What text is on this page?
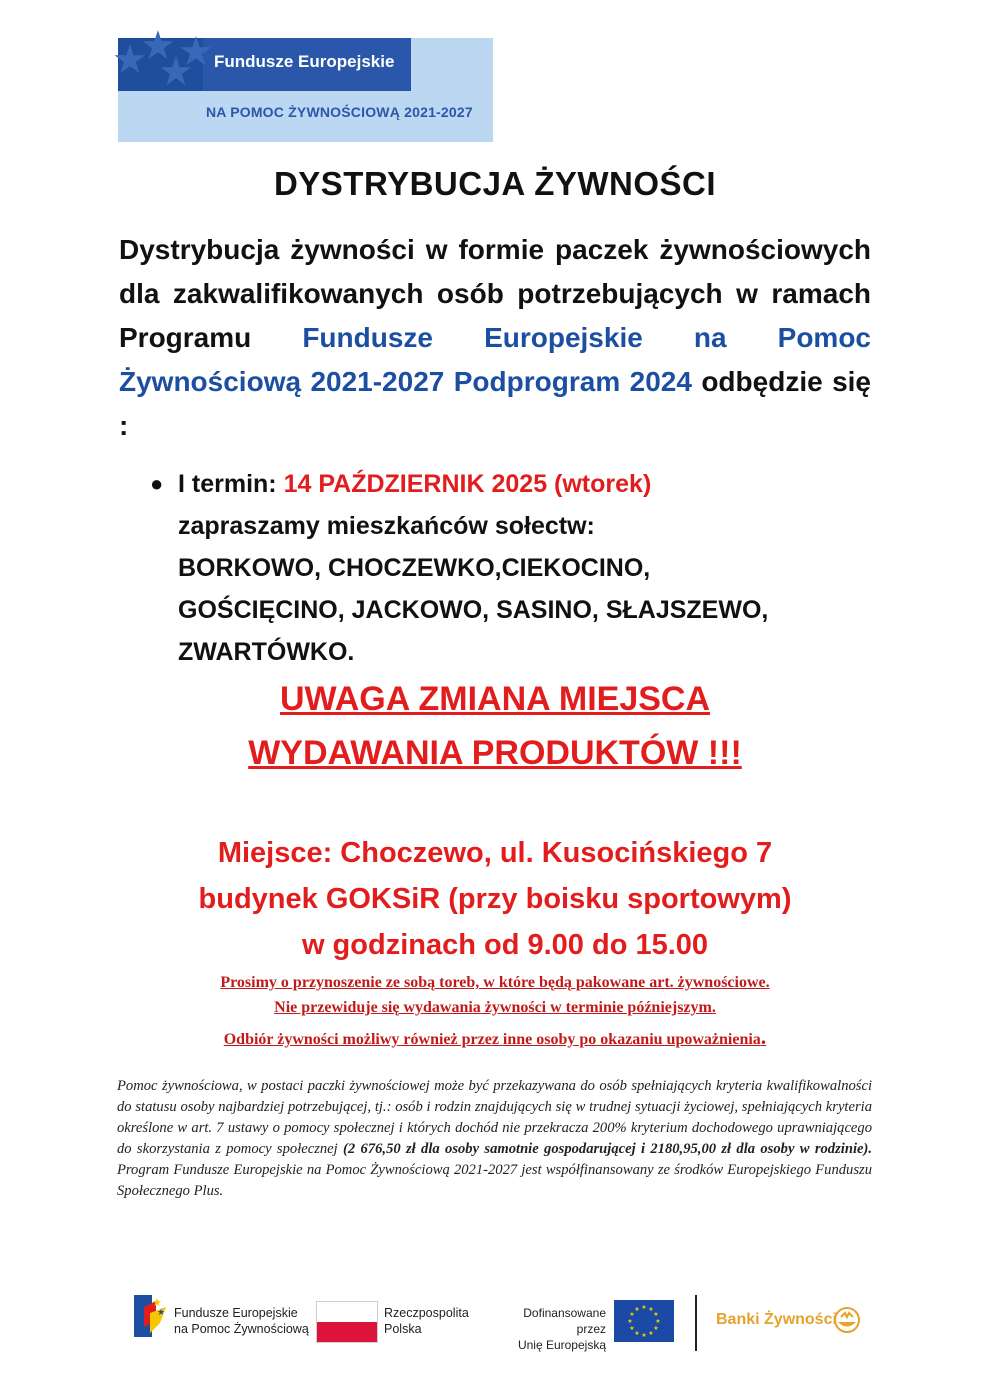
★
★
★
★ Fundusze Europejskie
NA POMOC ŻYWNOŚCIOWĄ 2021-2027
DYSTRYBUCJA ŻYWNOŚCI
Dystrybucja żywności w formie paczek żywnościowych dla zakwalifikowanych osób potrzebujących w ramach Programu Fundusze Europejskie na Pomoc Żywnościową 2021-2027 Podprogram 2024 odbędzie się :
● I termin: 14 PAŹDZIERNIK 2025 (wtorek)
zapraszamy mieszkańców sołectw:
BORKOWO, CHOCZEWKO,CIEKOCINO,
GOŚCIĘCINO, JACKOWO, SASINO, SŁAJSZEWO,
ZWARTÓWKO.
UWAGA ZMIANA MIEJSCA
WYDAWANIA PRODUKTÓW !!!
Miejsce: Choczewo, ul. Kusocińskiego 7
budynek GOKSiR (przy boisku sportowym)
w godzinach od 9.00 do 15.00
Prosimy o przynoszenie ze sobą toreb, w które będą pakowane art. żywnościowe.
Nie przewiduje się wydawania żywności w terminie późniejszym.
Odbiór żywności możliwy również przez inne osoby po okazaniu upoważnienia.
Pomoc żywnościowa, w postaci paczki żywnościowej może być przekazywana do osób spełniających kryteria kwalifikowalności do statusu osoby najbardziej potrzebującej, tj.: osób i rodzin znajdujących się w trudnej sytuacji życiowej, spełniających kryteria określone w art. 7 ustawy o pomocy społecznej i których dochód nie przekracza 200% kryterium dochodowego uprawniającego do skorzystania z pomocy społecznej (2 676,50 zł dla osoby samotnie gospodarującej i 2180,95,00 zł dla osoby w rodzinie). Program Fundusze Europejskie na Pomoc Żywnościową 2021-2027 jest współfinansowany ze środków Europejskiego Funduszu Społecznego Plus.
★
★ Fundusze Europejskie
na Pomoc Żywnościową
Rzeczpospolita
Polska
Dofinansowane przez
Unię Europejską
★ ★
★
★
★
★
★
★
★
★
★
★
Banki Żywności
